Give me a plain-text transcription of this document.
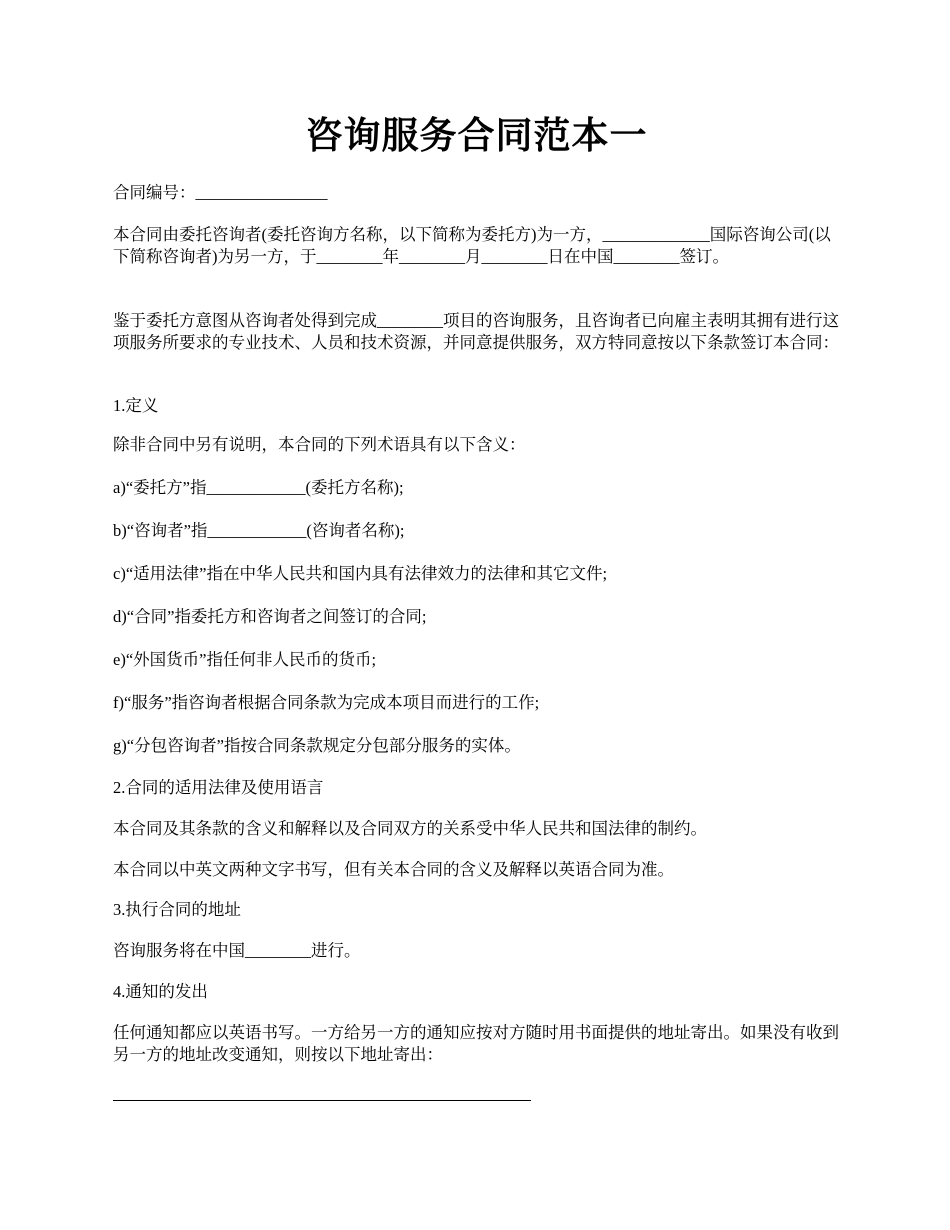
咨询服务合同范本一
合同编号：________________
本合同由委托咨询者(委托咨询方名称，以下简称为委托方)为一方，_____________国际咨询公司(以下简称咨询者)为另一方，于________年________月________日在中国________签订。
鉴于委托方意图从咨询者处得到完成________项目的咨询服务，且咨询者已向雇主表明其拥有进行这项服务所要求的专业技术、人员和技术资源，并同意提供服务，双方特同意按以下条款签订本合同：
1.定义
除非合同中另有说明，本合同的下列术语具有以下含义：
a)“委托方”指____________(委托方名称);
b)“咨询者”指____________(咨询者名称);
c)“适用法律”指在中华人民共和国内具有法律效力的法律和其它文件;
d)“合同”指委托方和咨询者之间签订的合同;
e)“外国货币”指任何非人民币的货币;
f)“服务”指咨询者根据合同条款为完成本项目而进行的工作;
g)“分包咨询者”指按合同条款规定分包部分服务的实体。
2.合同的适用法律及使用语言
本合同及其条款的含义和解释以及合同双方的关系受中华人民共和国法律的制约。
本合同以中英文两种文字书写，但有关本合同的含义及解释以英语合同为准。
3.执行合同的地址
咨询服务将在中国________进行。
4.通知的发出
任何通知都应以英语书写。一方给另一方的通知应按对方随时用书面提供的地址寄出。如果没有收到另一方的地址改变通知，则按以下地址寄出：
